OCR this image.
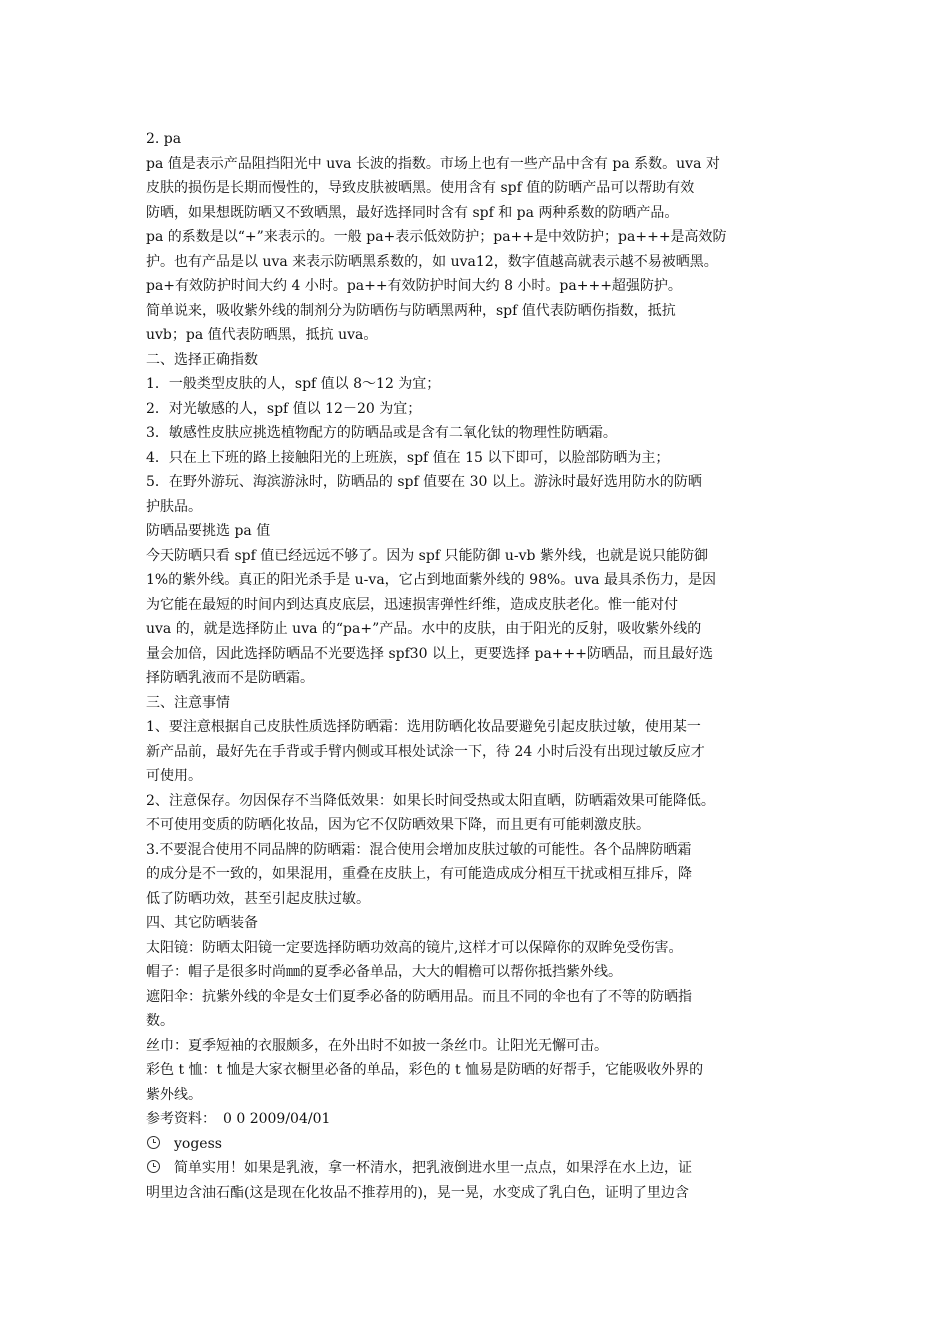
2. pa
pa 值是表示产品阻挡阳光中 uva 长波的指数。市场上也有一些产品中含有 pa 系数。uva 对
皮肤的损伤是长期而慢性的，导致皮肤被晒黑。使用含有 spf 值的防晒产品可以帮助有效
防晒，如果想既防晒又不致晒黑，最好选择同时含有 spf 和 pa 两种系数的防晒产品。
pa 的系数是以“+”来表示的。一般 pa+表示低效防护；pa++是中效防护；pa+++是高效防
护。也有产品是以 uva 来表示防晒黑系数的，如 uva12，数字值越高就表示越不易被晒黑。
pa+有效防护时间大约 4 小时。pa++有效防护时间大约 8 小时。pa+++超强防护。
简单说来，吸收紫外线的制剂分为防晒伤与防晒黑两种，spf 值代表防晒伤指数，抵抗
uvb；pa 值代表防晒黑，抵抗 uva。
二、选择正确指数
1．一般类型皮肤的人，spf 值以 8～12 为宜；
2．对光敏感的人，spf 值以 12－20 为宜；
3．敏感性皮肤应挑选植物配方的防晒品或是含有二氧化钛的物理性防晒霜。
4．只在上下班的路上接触阳光的上班族，spf 值在 15 以下即可，以脸部防晒为主；
5．在野外游玩、海滨游泳时，防晒品的 spf 值要在 30 以上。游泳时最好选用防水的防晒
护肤品。
防晒品要挑选 pa 值
今天防晒只看 spf 值已经远远不够了。因为 spf 只能防御 u-vb 紫外线，也就是说只能防御
1%的紫外线。真正的阳光杀手是 u-va，它占到地面紫外线的 98%。uva 最具杀伤力，是因
为它能在最短的时间内到达真皮底层，迅速损害弹性纤维，造成皮肤老化。惟一能对付
uva 的，就是选择防止 uva 的“pa+”产品。水中的皮肤，由于阳光的反射，吸收紫外线的
量会加倍，因此选择防晒品不光要选择 spf30 以上，更要选择 pa+++防晒品，而且最好选
择防晒乳液而不是防晒霜。
三、注意事情
1、要注意根据自己皮肤性质选择防晒霜：选用防晒化妆品要避免引起皮肤过敏，使用某一
新产品前，最好先在手背或手臂内侧或耳根处试涂一下，待 24 小时后没有出现过敏反应才
可使用。
2、注意保存。勿因保存不当降低效果：如果长时间受热或太阳直晒，防晒霜效果可能降低。
不可使用变质的防晒化妆品，因为它不仅防晒效果下降，而且更有可能刺激皮肤。
3.不要混合使用不同品牌的防晒霜：混合使用会增加皮肤过敏的可能性。各个品牌防晒霜
的成分是不一致的，如果混用，重叠在皮肤上，有可能造成成分相互干扰或相互排斥，降
低了防晒功效，甚至引起皮肤过敏。
四、其它防晒装备
太阳镜：防晒太阳镜一定要选择防晒功效高的镜片,这样才可以保障你的双眸免受伤害。
帽子：帽子是很多时尚㎜的夏季必备单品，大大的帽檐可以帮你抵挡紫外线。
遮阳伞：抗紫外线的伞是女士们夏季必备的防晒用品。而且不同的伞也有了不等的防晒指
数。
丝巾：夏季短袖的衣服颇多，在外出时不如披一条丝巾。让阳光无懈可击。
彩色 t 恤：t 恤是大家衣橱里必备的单品，彩色的 t 恤易是防晒的好帮手，它能吸收外界的
紫外线。
参考资料：　0 0 2009/04/01
yogess
简单实用！如果是乳液，拿一杯清水，把乳液倒进水里一点点，如果浮在水上边，证
明里边含油石酯(这是现在化妆品不推荐用的)，晃一晃，水变成了乳白色，证明了里边含
